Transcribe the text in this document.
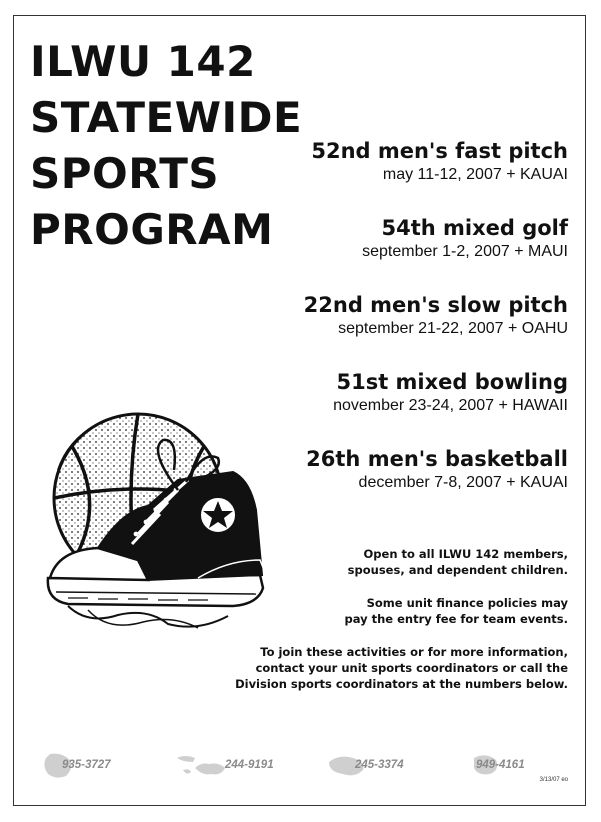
ILWU 142
STATEWIDE
SPORTS
PROGRAM
52nd men's fast pitch
may 11-12, 2007 + KAUAI
54th mixed golf
september 1-2, 2007 + MAUI
22nd men's slow pitch
september 21-22, 2007 + OAHU
51st mixed bowling
november 23-24, 2007 + HAWAII
26th men's basketball
december 7-8, 2007 + KAUAI

Open to all ILWU 142 members,
spouses, and dependent children.

Some unit finance policies may
pay the entry fee for team events.

To join these activities or for more information,
contact your unit sports coordinators or call the
Division sports coordinators at the numbers below.

935-3727	244-9191	245-3374	949-4161
3/13/07 eo
